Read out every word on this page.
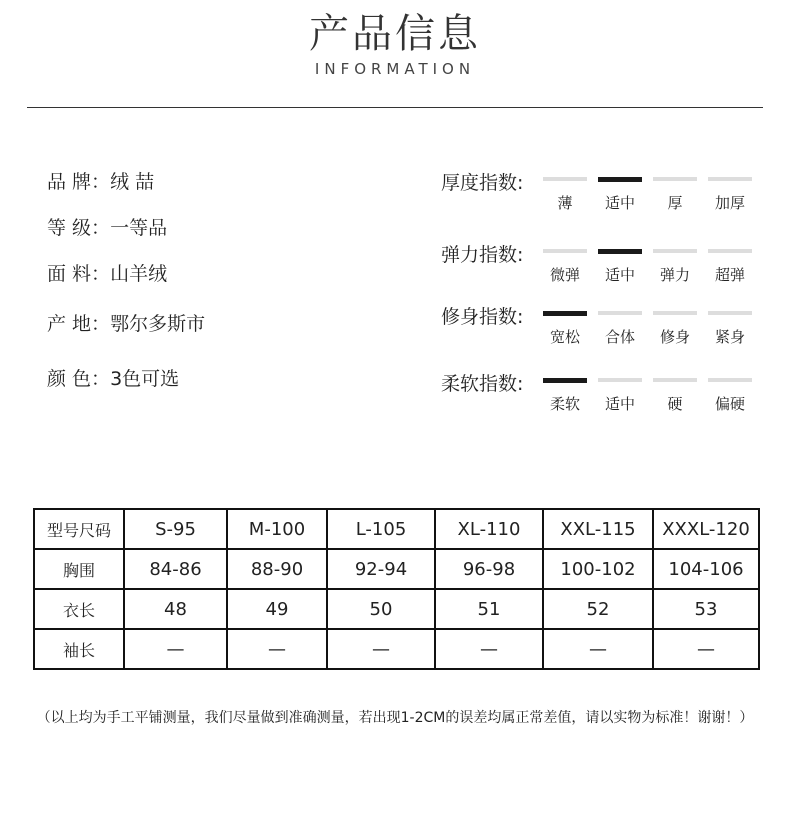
产品信息
INFORMATION
品 牌：绒 喆
等 级：一等品
面 料：山羊绒
产 地：鄂尔多斯市
颜 色：3色可选
厚度指数:
薄	适中	厚	加厚
弹力指数:
微弹	适中	弹力	超弹
修身指数:
宽松	合体	修身	紧身
柔软指数:
柔软	适中	硬	偏硬
型号尺码	S-95	M-100	L-105	XL-110	XXL-115	XXXL-120
胸围	84-86	88-90	92-94	96-98	100-102	104-106
衣长	48	49	50	51	52	53
袖长	—	—	—	—	—	—
（以上均为手工平铺测量，我们尽量做到准确测量，若出现1-2CM的误差均属正常差值，请以实物为标准！谢谢！）
